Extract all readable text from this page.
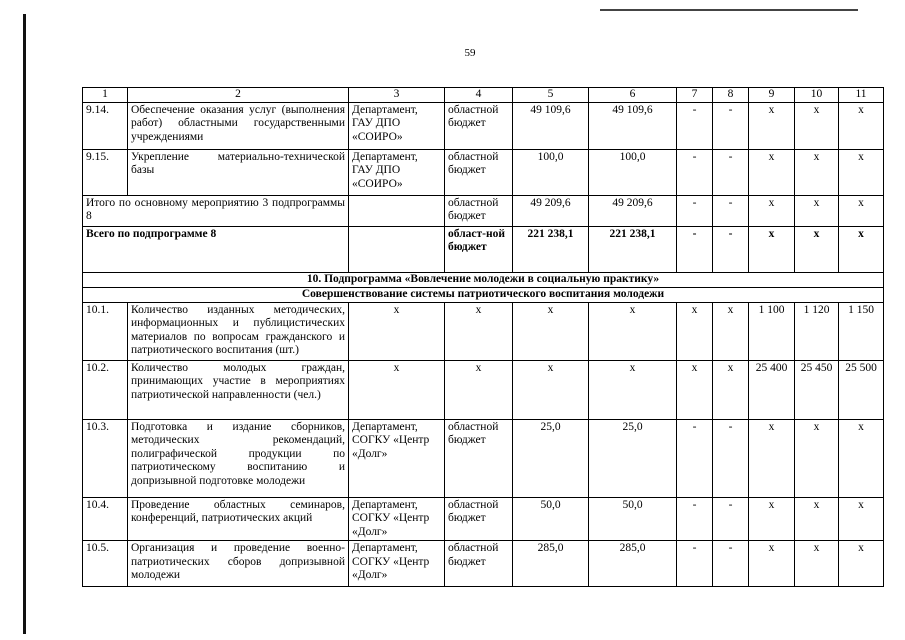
59
1	2	3	4	5	6	7	8	9	10	11
9.14.	Обеспечение оказания услуг (выполнения работ) областными государственными учреждениями	Департамент, ГАУ ДПО «СОИРО»	областной бюджет	49 109,6	49 109,6	-	-	x	x	x
9.15.	Укрепление материально-технической базы	Департамент, ГАУ ДПО «СОИРО»	областной бюджет	100,0	100,0	-	-	x	x	x
Итого по основному мероприятию 3 подпрограммы 8			областной бюджет	49 209,6	49 209,6	-	-	x	x	x
Всего по подпрограмме 8			област-ной бюджет	221 238,1	221 238,1	-	-	x	x	x
10. Подпрограмма «Вовлечение молодежи в социальную практику»										
Совершенствование системы патриотического воспитания молодежи										
10.1.	Количество изданных методических, информационных и публицистических материалов по вопросам гражданского и патриотического воспитания (шт.)	x	x	x	x	x	x	1 100	1 120	1 150
10.2.	Количество молодых граждан, принимающих участие в мероприятиях патриотической направленности (чел.)	x	x	x	x	x	x	25 400	25 450	25 500
10.3.	Подготовка и издание сборников, методических рекомендаций, полиграфической продукции по патриотическому воспитанию и допризывной подготовке молодежи	Департамент, СОГКУ «Центр «Долг»	областной бюджет	25,0	25,0	-	-	x	x	x
10.4.	Проведение областных семинаров, конференций, патриотических акций	Департамент, СОГКУ «Центр «Долг»	областной бюджет	50,0	50,0	-	-	x	x	x
10.5.	Организация и проведение военно-патриотических сборов допризывной молодежи	Департамент, СОГКУ «Центр «Долг»	областной бюджет	285,0	285,0	-	-	x	x	x
